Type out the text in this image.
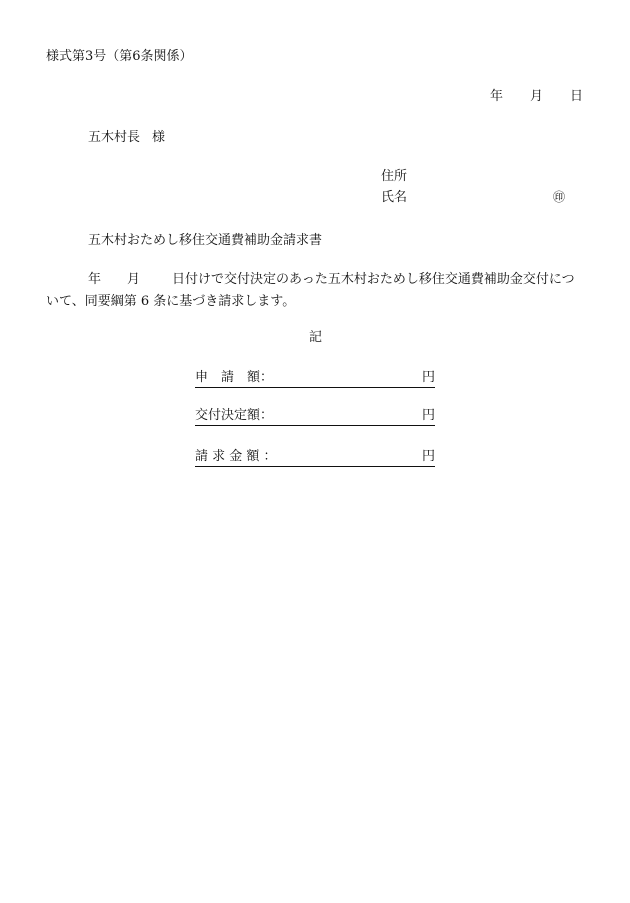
様式第3号（第6条関係）
年 月 日
五木村長 様
住所
氏名	㊞
五木村おためし移住交通費補助金請求書
年 月 日付けで交付決定のあった五木村おためし移住交通費補助金交付につ
いて、同要綱第 6 条に基づき請求します。
記
申　請　額：	円
交付決定額：	円
請 求 金 額 ：	円
